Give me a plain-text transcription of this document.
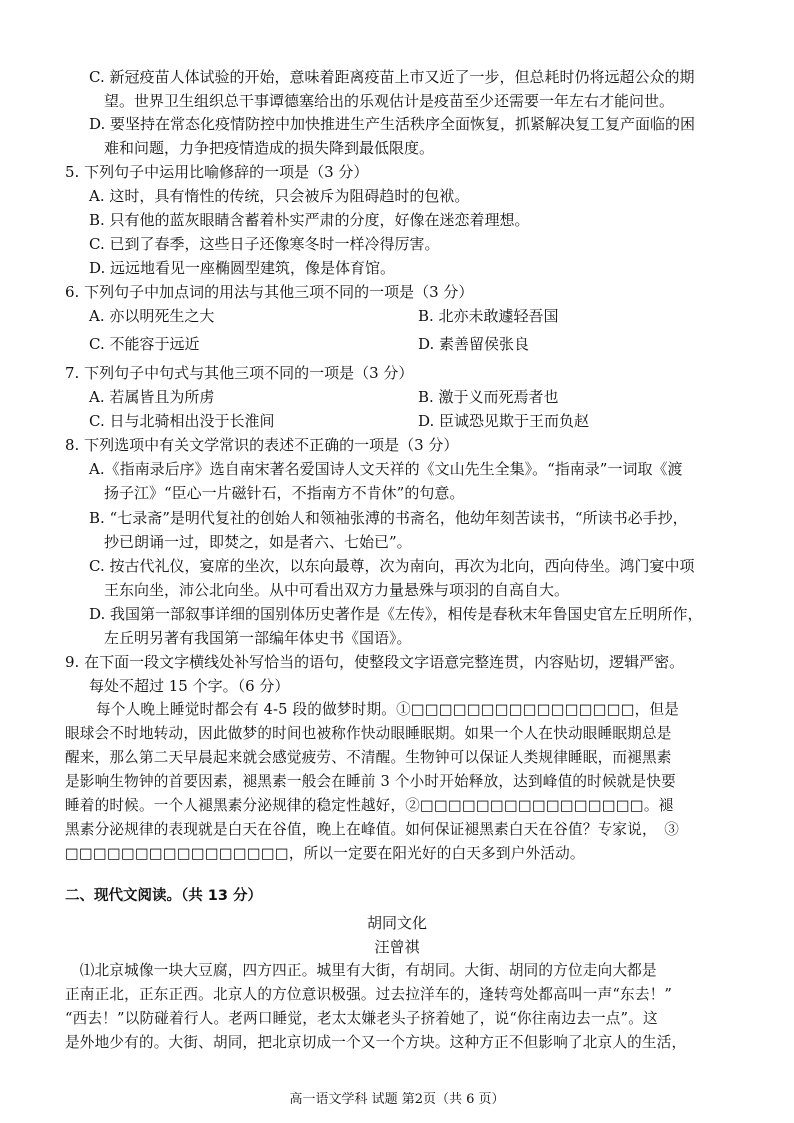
C. 新冠疫苗人体试验的开始，意味着距离疫苗上市又近了一步，但总耗时仍将远超公众的期
望。世界卫生组织总干事谭德塞给出的乐观估计是疫苗至少还需要一年左右才能问世。
D. 要坚持在常态化疫情防控中加快推进生产生活秩序全面恢复，抓紧解决复工复产面临的困
难和问题，力争把疫情造成的损失降到最低限度。
5. 下列句子中运用比喻修辞的一项是（3 分）
A. 这时，具有惰性的传统，只会被斥为阻碍趋时的包袱。
B. 只有他的蓝灰眼睛含蓄着朴实严肃的分度，好像在迷恋着理想。
C. 已到了春季，这些日子还像寒冬时一样冷得厉害。
D. 远远地看见一座椭圆型建筑，像是体育馆。
6. 下列句子中加点词的用法与其他三项不同的一项是（3 分）
A. 亦以明死生之大	B. 北亦未敢遽轻吾国
C. 不能容于远近	D. 素善留侯张良
7. 下列句子中句式与其他三项不同的一项是（3 分）
A. 若属皆且为所虏	B. 激于义而死焉者也
C. 日与北骑相出没于长淮间	D. 臣诚恐见欺于王而负赵
8. 下列选项中有关文学常识的表述不正确的一项是（3 分）
A.《指南录后序》选自南宋著名爱国诗人文天祥的《文山先生全集》。“指南录”一词取《渡
扬子江》“臣心一片磁针石，不指南方不肯休”的句意。
B. “七录斋”是明代复社的创始人和领袖张溥的书斋名，他幼年刻苦读书，“所读书必手抄，
抄已朗诵一过，即焚之，如是者六、七始已”。
C. 按古代礼仪，宴席的坐次，以东向最尊，次为南向，再次为北向，西向侍坐。鸿门宴中项
王东向坐，沛公北向坐。从中可看出双方力量悬殊与项羽的自高自大。
D. 我国第一部叙事详细的国别体历史著作是《左传》，相传是春秋末年鲁国史官左丘明所作，
左丘明另著有我国第一部编年体史书《国语》。
9. 在下面一段文字横线处补写恰当的语句，使整段文字语意完整连贯，内容贴切，逻辑严密。
每处不超过 15 个字。（6 分）
每个人晚上睡觉时都会有 4-5 段的做梦时期。①□□□□□□□□□□□□□□□□，但是
眼球会不时地转动，因此做梦的时间也被称作快动眼睡眠期。如果一个人在快动眼睡眠期总是
醒来，那么第二天早晨起来就会感觉疲劳、不清醒。生物钟可以保证人类规律睡眠，而褪黑素
是影响生物钟的首要因素，褪黑素一般会在睡前 3 个小时开始释放，达到峰值的时候就是快要
睡着的时候。一个人褪黑素分泌规律的稳定性越好，②□□□□□□□□□□□□□□□□。褪
黑素分泌规律的表现就是白天在谷值，晚上在峰值。如何保证褪黑素白天在谷值？专家说，　③
□□□□□□□□□□□□□□□□，所以一定要在阳光好的白天多到户外活动。
二、现代文阅读。（共 13 分）
胡同文化
汪曾祺
　⑴北京城像一块大豆腐，四方四正。城里有大街，有胡同。大街、胡同的方位走向大都是
正南正北，正东正西。北京人的方位意识极强。过去拉洋车的，逢转弯处都高叫一声“东去！”
“西去！”以防碰着行人。老两口睡觉，老太太嫌老头子挤着她了，说“你往南边去一点”。这
是外地少有的。大街、胡同，把北京切成一个又一个方块。这种方正不但影响了北京人的生活，
高一语文学科 试题 第2页（共 6 页）
